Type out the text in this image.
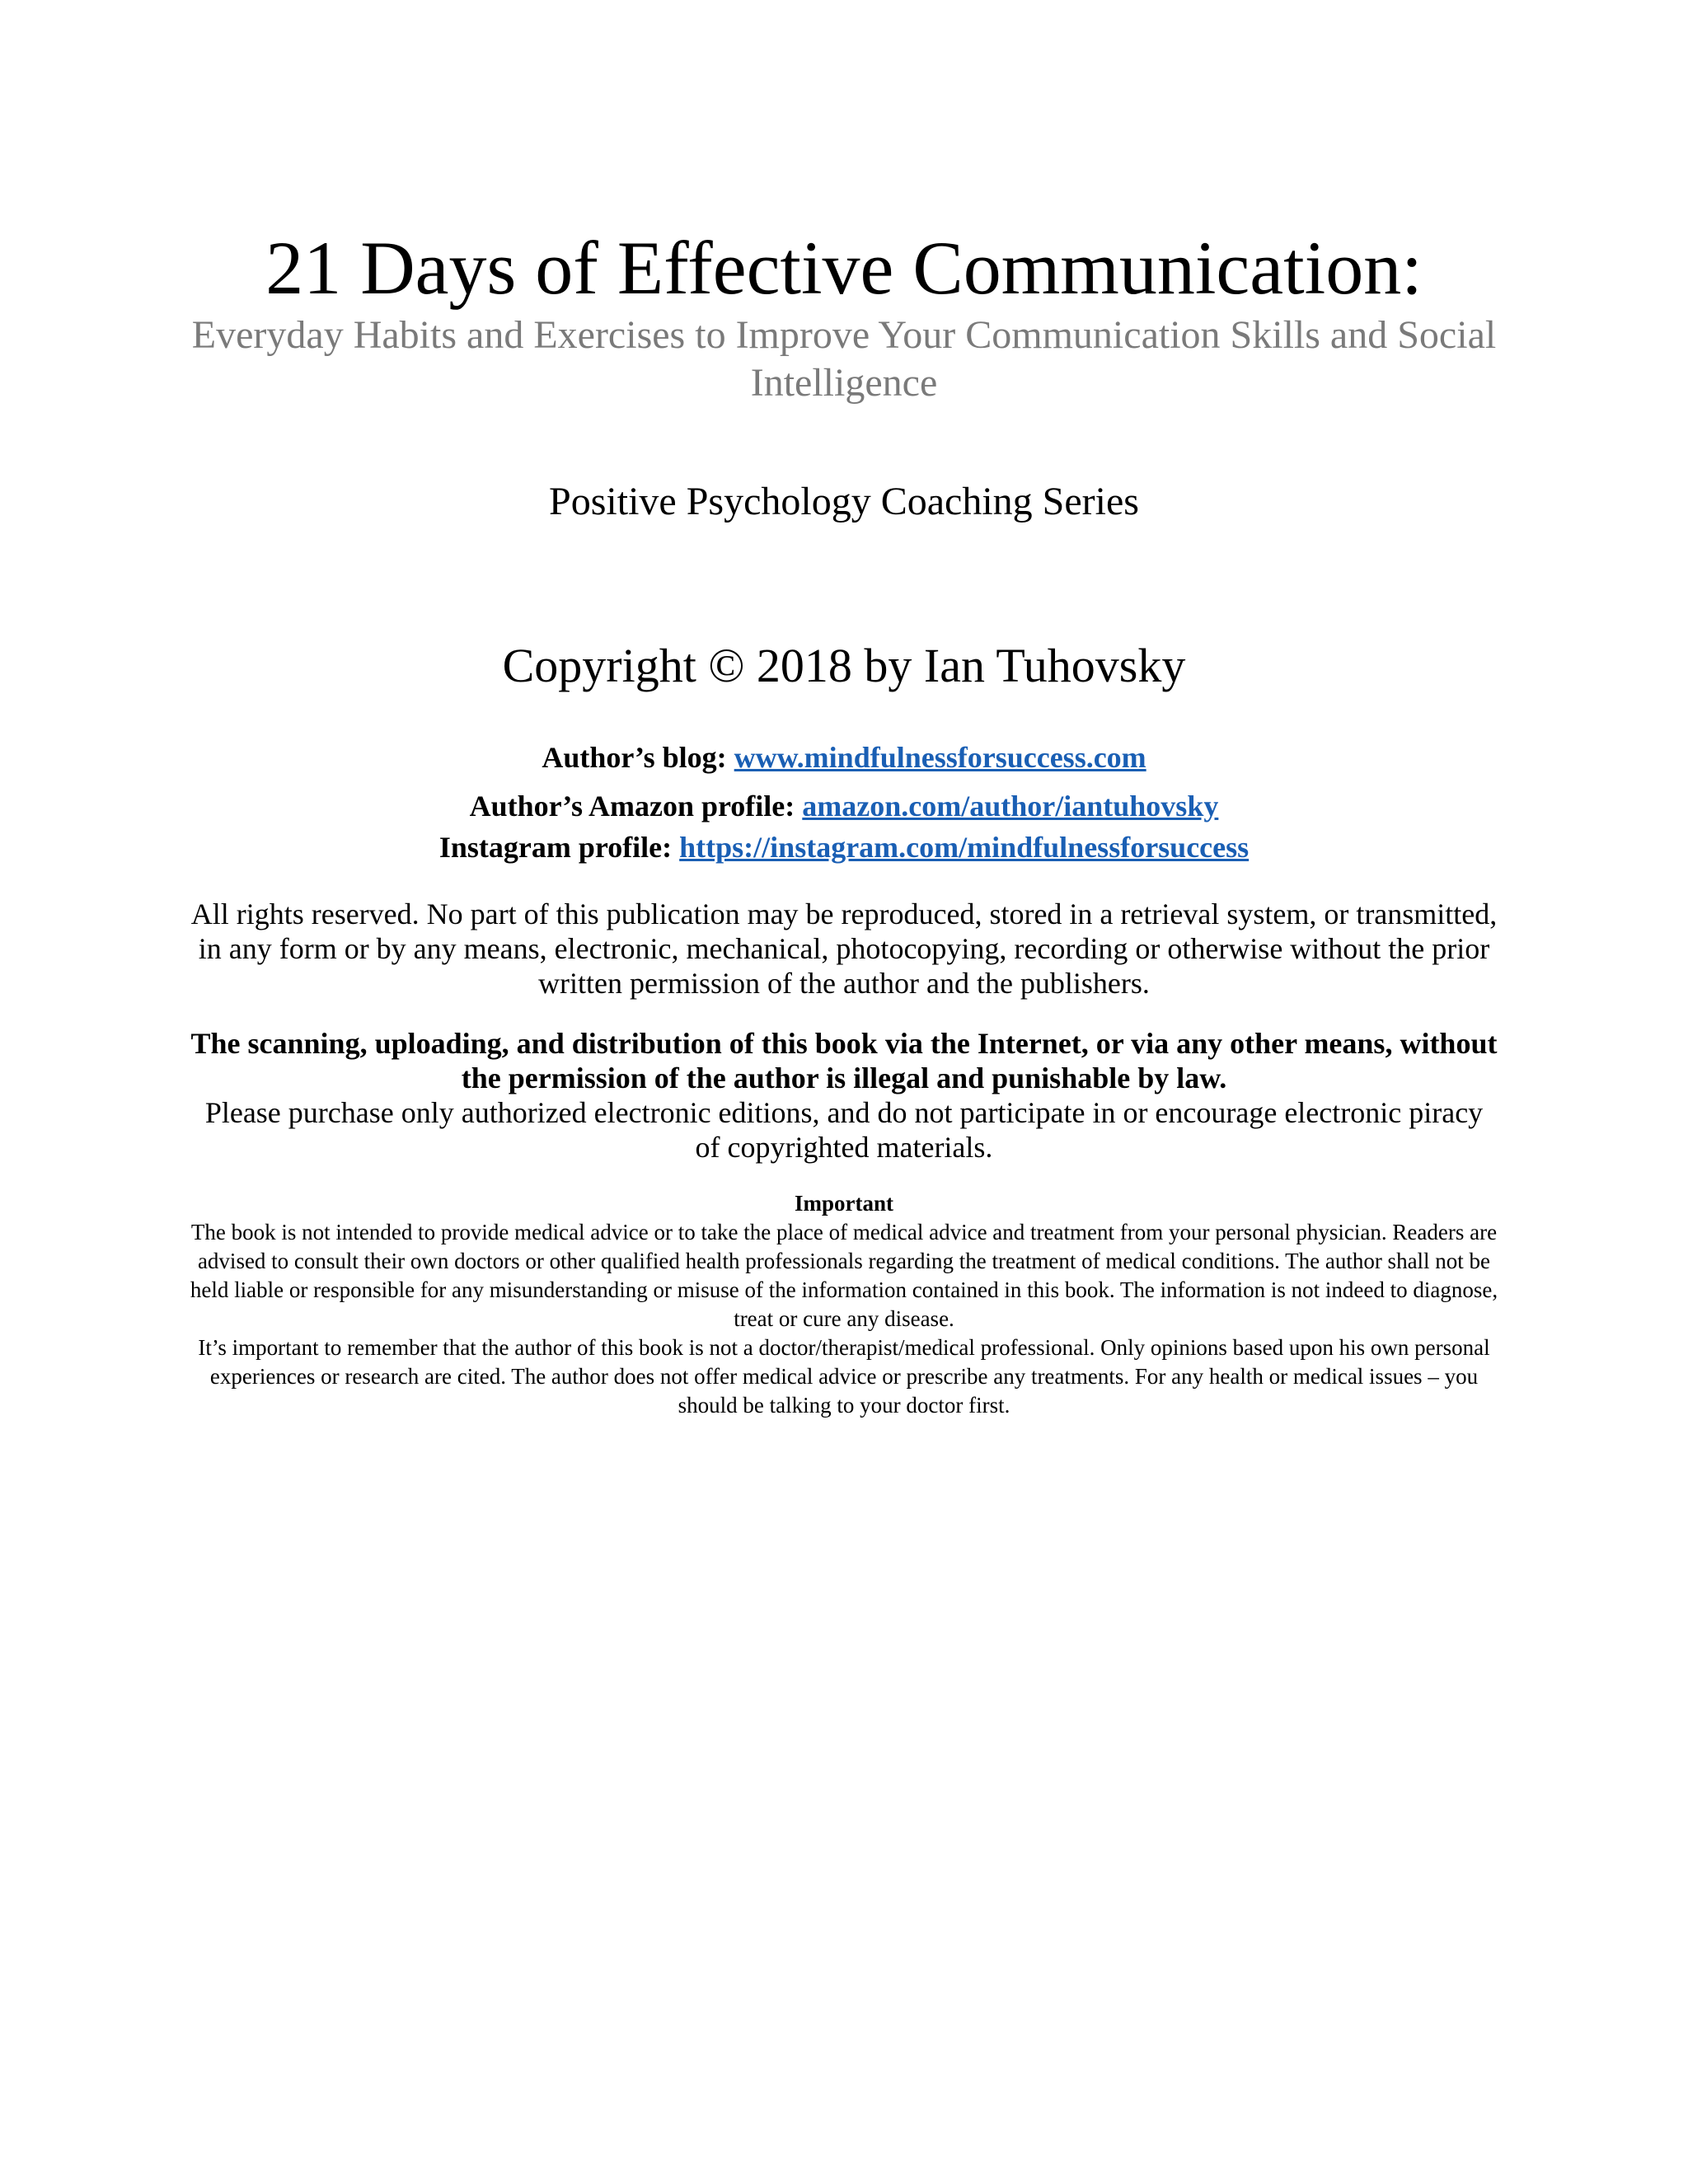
21 Days of Effective Communication:
Everyday Habits and Exercises to Improve Your Communication Skills and Social Intelligence
Positive Psychology Coaching Series
Copyright © 2018 by Ian Tuhovsky
Author’s blog: www.mindfulnessforsuccess.com
Author’s Amazon profile: amazon.com/author/iantuhovsky
Instagram profile: https://instagram.com/mindfulnessforsuccess
All rights reserved. No part of this publication may be reproduced, stored in a retrieval system, or transmitted, in any form or by any means, electronic, mechanical, photocopying, recording or otherwise without the prior written permission of the author and the publishers.
The scanning, uploading, and distribution of this book via the Internet, or via any other means, without the permission of the author is illegal and punishable by law.
Please purchase only authorized electronic editions, and do not participate in or encourage electronic piracy of copyrighted materials.
Important
The book is not intended to provide medical advice or to take the place of medical advice and treatment from your personal physician. Readers are advised to consult their own doctors or other qualified health professionals regarding the treatment of medical conditions. The author shall not be held liable or responsible for any misunderstanding or misuse of the information contained in this book. The information is not indeed to diagnose, treat or cure any disease.
It’s important to remember that the author of this book is not a doctor/therapist/medical professional. Only opinions based upon his own personal experiences or research are cited. The author does not offer medical advice or prescribe any treatments. For any health or medical issues – you should be talking to your doctor first.
